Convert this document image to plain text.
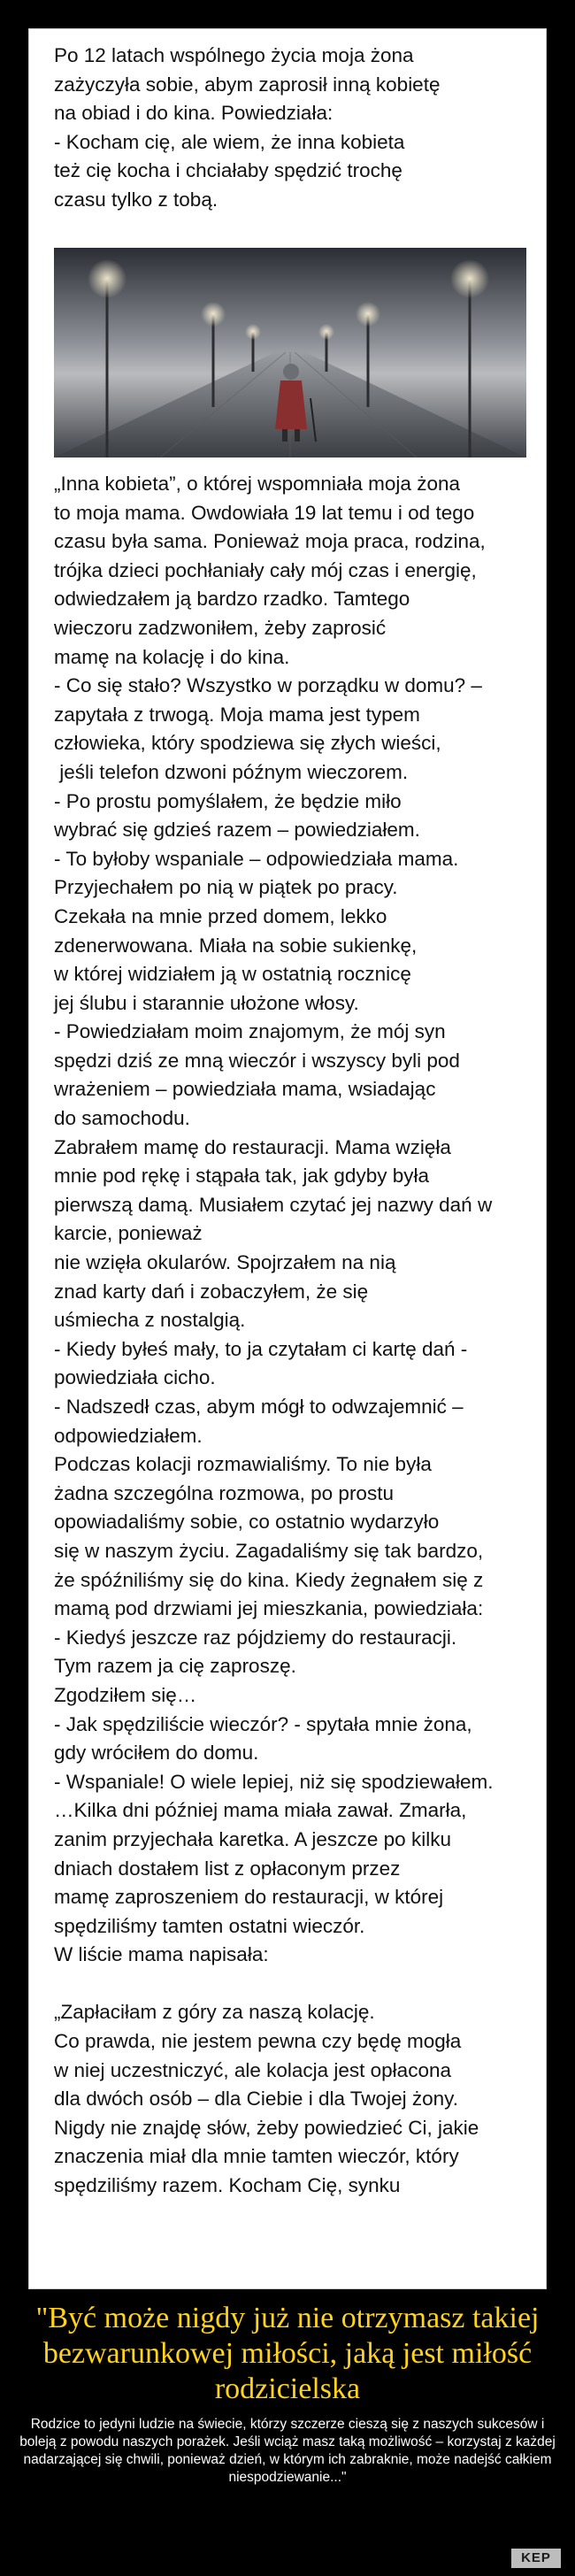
Po 12 latach wspólnego życia moja żona
zażyczyła sobie, abym zaprosił inną kobietę
na obiad i do kina. Powiedziała:
- Kocham cię, ale wiem, że inna kobieta
też cię kocha i chciałaby spędzić trochę
czasu tylko z tobą.
„Inna kobieta”, o której wspomniała moja żona
to moja mama. Owdowiała 19 lat temu i od tego
czasu była sama. Ponieważ moja praca, rodzina,
trójka dzieci pochłaniały cały mój czas i energię,
odwiedzałem ją bardzo rzadko. Tamtego
wieczoru zadzwoniłem, żeby zaprosić
mamę na kolację i do kina.
- Co się stało? Wszystko w porządku w domu? –
zapytała z trwogą. Moja mama jest typem
człowieka, który spodziewa się złych wieści,
jeśli telefon dzwoni późnym wieczorem.
- Po prostu pomyślałem, że będzie miło
wybrać się gdzieś razem – powiedziałem.
- To byłoby wspaniale – odpowiedziała mama.
Przyjechałem po nią w piątek po pracy.
Czekała na mnie przed domem, lekko
zdenerwowana. Miała na sobie sukienkę,
w której widziałem ją w ostatnią rocznicę
jej ślubu i starannie ułożone włosy.
- Powiedziałam moim znajomym, że mój syn
spędzi dziś ze mną wieczór i wszyscy byli pod
wrażeniem – powiedziała mama, wsiadając
do samochodu.
Zabrałem mamę do restauracji. Mama wzięła
mnie pod rękę i stąpała tak, jak gdyby była
pierwszą damą. Musiałem czytać jej nazwy dań w
karcie, ponieważ
nie wzięła okularów. Spojrzałem na nią
znad karty dań i zobaczyłem, że się
uśmiecha z nostalgią.
- Kiedy byłeś mały, to ja czytałam ci kartę dań -
powiedziała cicho.
- Nadszedł czas, abym mógł to odwzajemnić –
odpowiedziałem.
Podczas kolacji rozmawialiśmy. To nie była
żadna szczególna rozmowa, po prostu
opowiadaliśmy sobie, co ostatnio wydarzyło
się w naszym życiu. Zagadaliśmy się tak bardzo,
że spóźniliśmy się do kina. Kiedy żegnałem się z
mamą pod drzwiami jej mieszkania, powiedziała:
- Kiedyś jeszcze raz pójdziemy do restauracji.
Tym razem ja cię zaproszę.
Zgodziłem się…
- Jak spędziliście wieczór? - spytała mnie żona,
gdy wróciłem do domu.
- Wspaniale! O wiele lepiej, niż się spodziewałem.
…Kilka dni później mama miała zawał. Zmarła,
zanim przyjechała karetka. A jeszcze po kilku
dniach dostałem list z opłaconym przez
mamę zaproszeniem do restauracji, w której
spędziliśmy tamten ostatni wieczór.
W liście mama napisała:

„Zapłaciłam z góry za naszą kolację.
Co prawda, nie jestem pewna czy będę mogła
w niej uczestniczyć, ale kolacja jest opłacona
dla dwóch osób – dla Ciebie i dla Twojej żony.
Nigdy nie znajdę słów, żeby powiedzieć Ci, jakie
znaczenia miał dla mnie tamten wieczór, który
spędziliśmy razem. Kocham Cię, synku
"Być może nigdy już nie otrzymasz takiej bezwarunkowej miłości, jaką jest miłość rodzicielska
Rodzice to jedyni ludzie na świecie, którzy szczerze cieszą się z naszych sukcesów i boleją z powodu naszych porażek. Jeśli wciąż masz taką możliwość – korzystaj z każdej nadarzającej się chwili, ponieważ dzień, w którym ich zabraknie, może nadejść całkiem niespodziewanie..."
KEP
